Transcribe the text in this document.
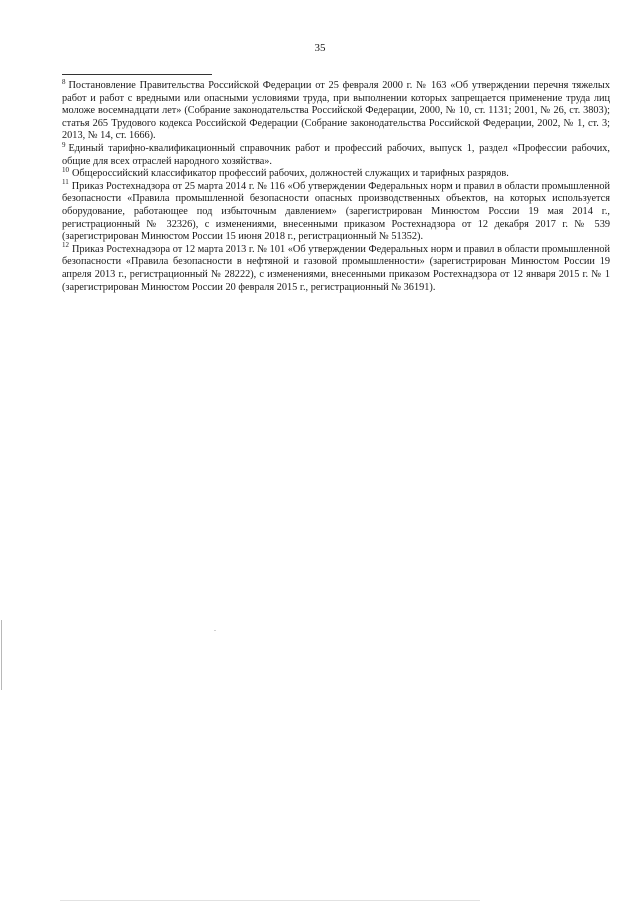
35

$^8$ Постановление Правительства Российской Федерации от 25 февраля 2000 г. № 163 «Об утверждении перечня тяжелых работ и работ с вредными или опасными условиями труда, при выполнении которых запрещается применение труда лиц моложе восемнадцати лет» (Собрание законодательства Российской Федерации, 2000, № 10, ст. 1131; 2001, № 26, ст. 3803); статья 265 Трудового кодекса Российской Федерации (Собрание законодательства Российской Федерации, 2002, № 1, ст. 3; 2013, № 14, ст. 1666).

$^9$ Единый тарифно-квалификационный справочник работ и профессий рабочих, выпуск 1, раздел «Профессии рабочих, общие для всех отраслей народного хозяйства».

$^{10}$ Общероссийский классификатор профессий рабочих, должностей служащих и тарифных разрядов.

$^{11}$ Приказ Ростехнадзора от 25 марта 2014 г. № 116 «Об утверждении Федеральных норм и правил в области промышленной безопасности «Правила промышленной безопасности опасных производственных объектов, на которых используется оборудование, работающее под избыточным давлением» (зарегистрирован Минюстом России 19 мая 2014 г., регистрационный № 32326), с изменениями, внесенными приказом Ростехнадзора от 12 декабря 2017 г. № 539 (зарегистрирован Минюстом России 15 июня 2018 г., регистрационный № 51352).

$^{12}$ Приказ Ростехнадзора от 12 марта 2013 г. № 101 «Об утверждении Федеральных норм и правил в области промышленной безопасности «Правила безопасности в нефтяной и газовой промышленности» (зарегистрирован Минюстом России 19 апреля 2013 г., регистрационный № 28222), с изменениями, внесенными приказом Ростехнадзора от 12 января 2015 г. № 1 (зарегистрирован Минюстом России 20 февраля 2015 г., регистрационный № 36191).
